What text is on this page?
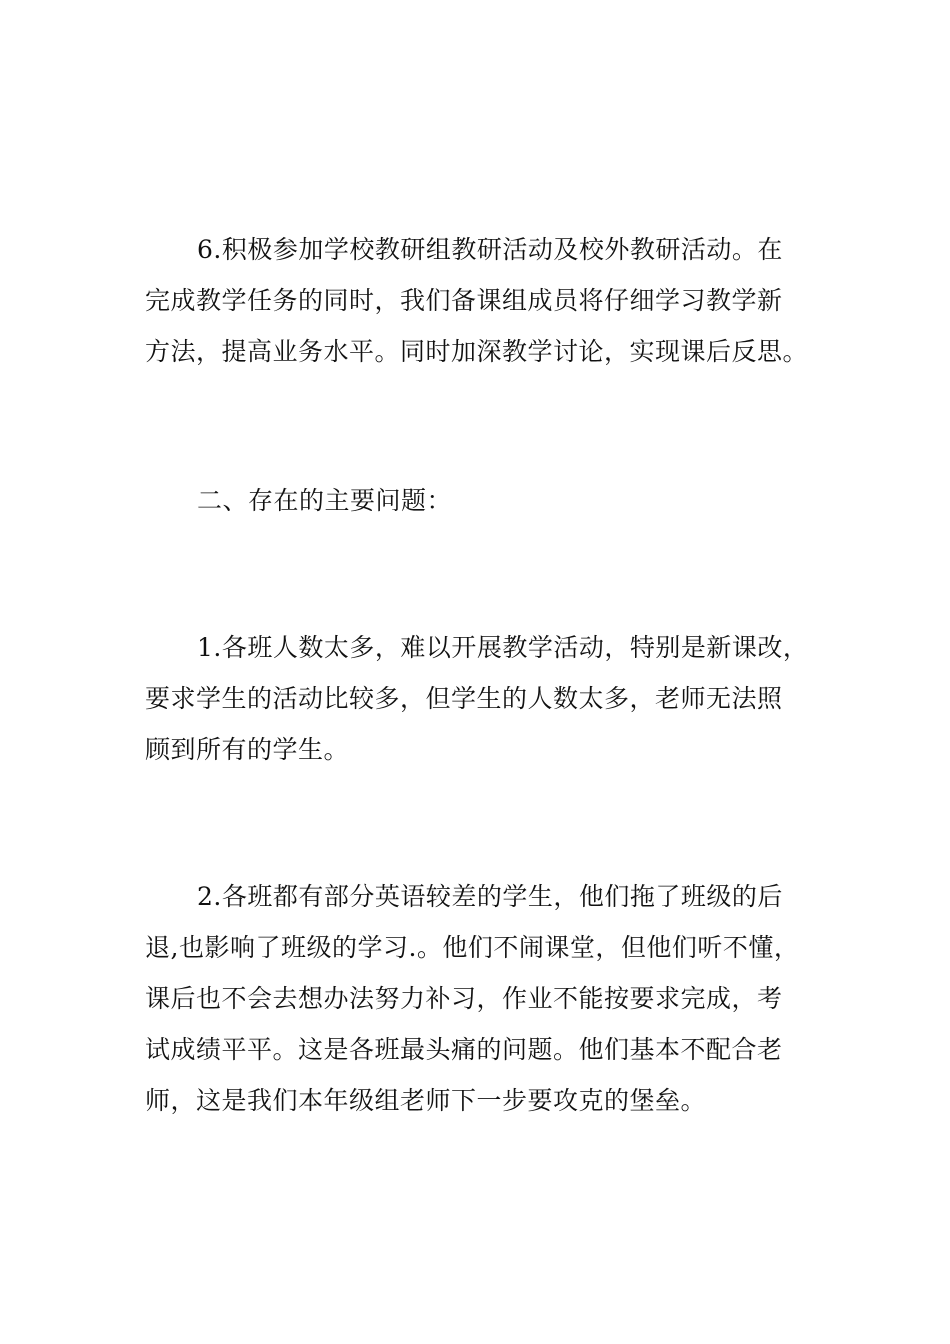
6.积极参加学校教研组教研活动及校外教研活动。在
完成教学任务的同时，我们备课组成员将仔细学习教学新
方法，提高业务水平。同时加深教学讨论，实现课后反思。

二、存在的主要问题：

1.各班人数太多，难以开展教学活动，特别是新课改，
要求学生的活动比较多，但学生的人数太多，老师无法照
顾到所有的学生。

2.各班都有部分英语较差的学生，他们拖了班级的后
退,也影响了班级的学习.。他们不闹课堂，但他们听不懂，
课后也不会去想办法努力补习，作业不能按要求完成，考
试成绩平平。这是各班最头痛的问题。他们基本不配合老
师，这是我们本年级组老师下一步要攻克的堡垒。
